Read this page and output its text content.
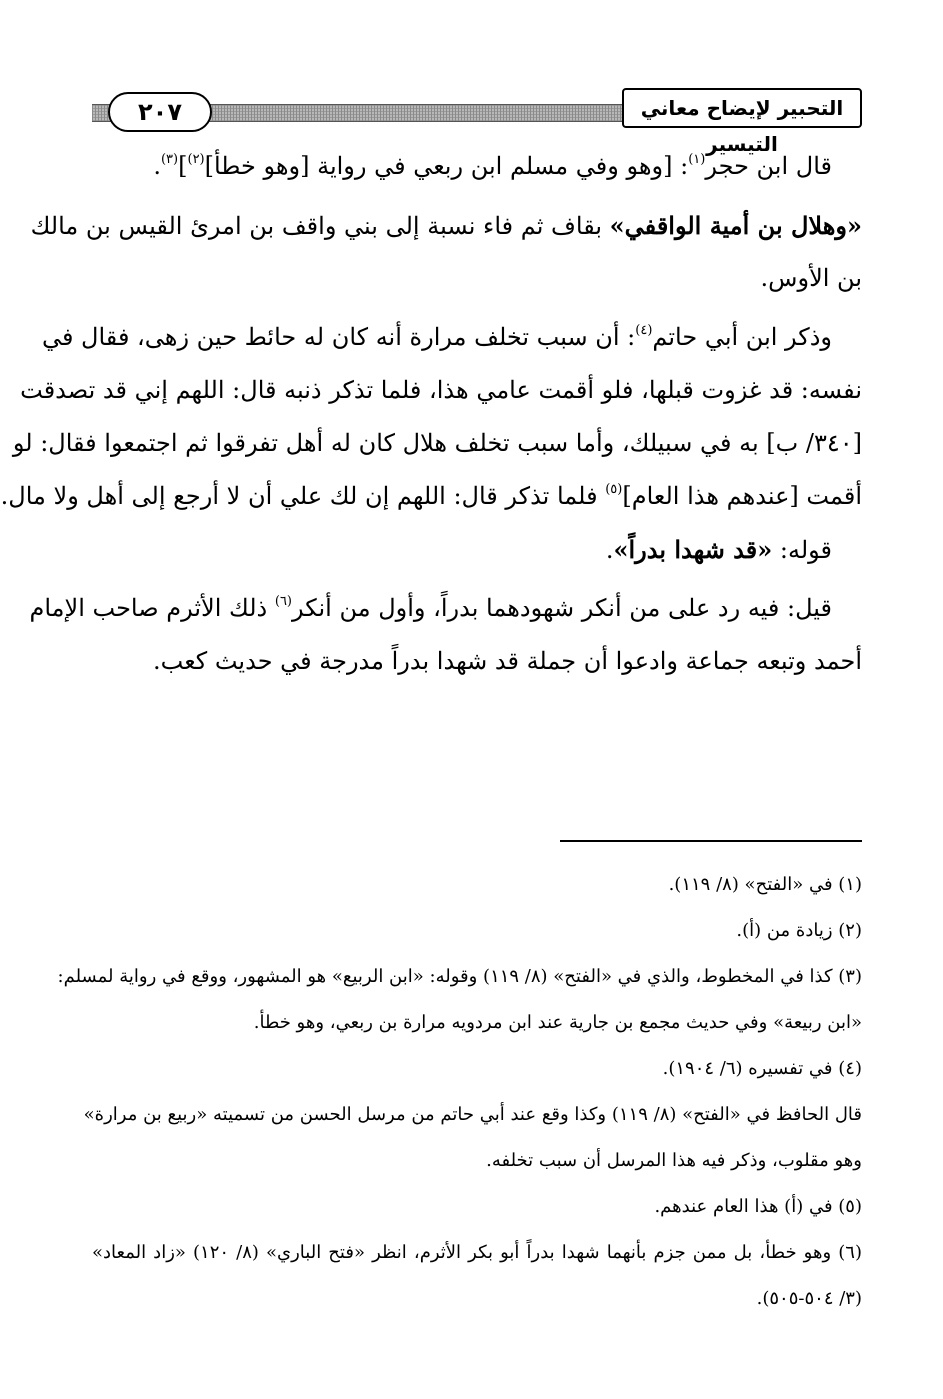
٢٠٧	التحبير لإيضاح معاني التيسير
قال ابن حجر$^{(١)}$: [وهو وفي مسلم ابن ربعي في رواية [وهو خطأ]$^{(٢)}$]$^{(٣)}$.
«وهلال بن أمية الواقفي» بقاف ثم فاء نسبة إلى بني واقف بن امرئ القيس بن مالك
بن الأوس.
وذكر ابن أبي حاتم$^{(٤)}$: أن سبب تخلف مرارة أنه كان له حائط حين زهى، فقال في
نفسه: قد غزوت قبلها، فلو أقمت عامي هذا، فلما تذكر ذنبه قال: اللهم إني قد تصدقت
[٣٤٠/ ب] به في سبيلك، وأما سبب تخلف هلال كان له أهل تفرقوا ثم اجتمعوا فقال: لو
أقمت [عندهم هذا العام]$^{(٥)}$ فلما تذكر قال: اللهم إن لك علي أن لا أرجع إلى أهل ولا مال.
قوله: «قد شهدا بدراً».
قيل: فيه رد على من أنكر شهودهما بدراً، وأول من أنكر$^{(٦)}$ ذلك الأثرم صاحب الإمام
أحمد وتبعه جماعة وادعوا أن جملة قد شهدا بدراً مدرجة في حديث كعب.
(١) في «الفتح» (٨/ ١١٩).
(٢) زيادة من (أ).
(٣) كذا في المخطوط، والذي في «الفتح» (٨/ ١١٩) وقوله: «ابن الربيع» هو المشهور، ووقع في رواية لمسلم:
«ابن ربيعة» وفي حديث مجمع بن جارية عند ابن مردويه مرارة بن ربعي، وهو خطأ.
(٤) في تفسيره (٦/ ١٩٠٤).
قال الحافظ في «الفتح» (٨/ ١١٩) وكذا وقع عند أبي حاتم من مرسل الحسن من تسميته «ربيع بن مرارة»
وهو مقلوب، وذكر فيه هذا المرسل أن سبب تخلفه.
(٥) في (أ) هذا العام عندهم.
(٦) وهو خطأ، بل ممن جزم بأنهما شهدا بدراً أبو بكر الأثرم، انظر «فتح الباري» (٨/ ١٢٠) «زاد المعاد»
(٣/ ٥٠٤-٥٠٥).
